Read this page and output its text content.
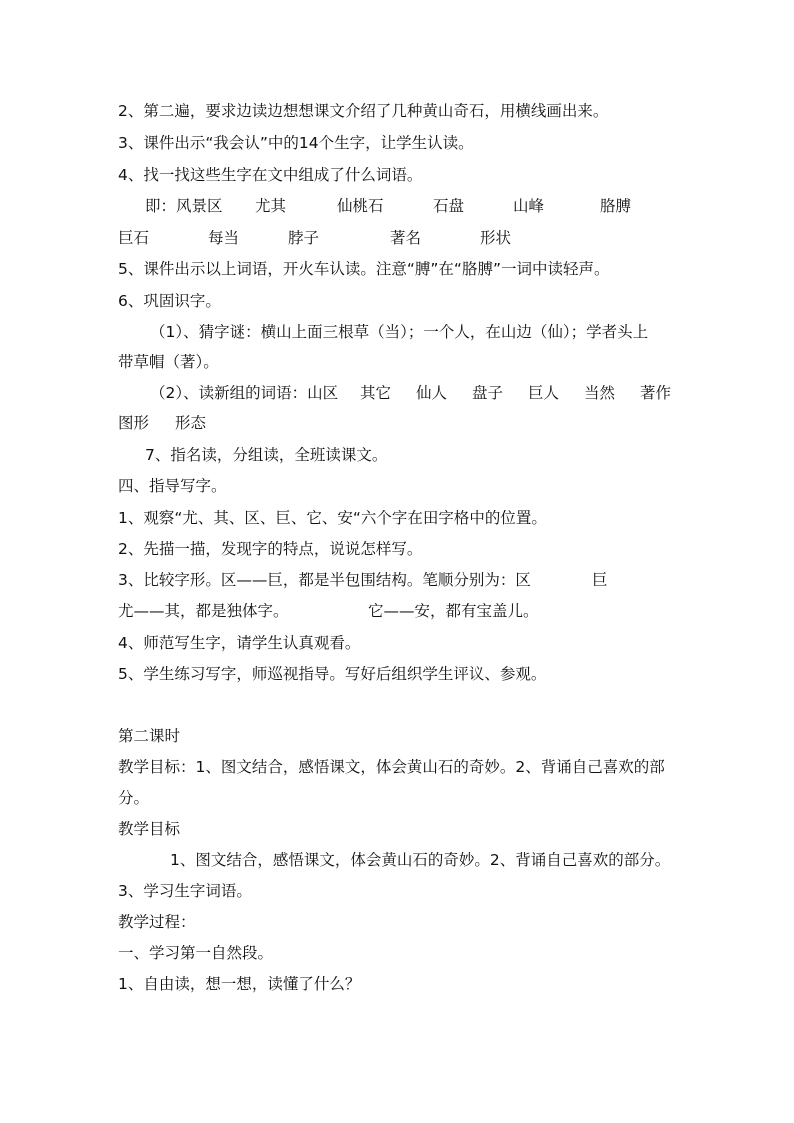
2、第二遍，要求边读边想想课文介绍了几种黄山奇石，用横线画出来。
3、课件出示“我会认”中的14个生字，让学生认读。
4、找一找这些生字在文中组成了什么词语。

即：风景区

尤其

	仙桃石

	石盘

	山峰

	胳膊

巨石

	每当

	脖子

	著名

	形状

5、课件出示以上词语，开火车认读。注意“膊”在“胳膊”一词中读轻声。
6、巩固识字。
（1）、猜字谜：横山上面三根草（当）；一个人，在山边（仙）；学者头上
带草帽（著）。

（2）、读新组的词语：山区

其它

仙人

盘子

巨人

当然

著作

图形

形态

7、指名读，分组读，全班读课文。
四、指导写字。
1、观察“尤、其、区、巨、它、安“六个字在田字格中的位置。
2、先描一描，发现字的特点，说说怎样写。

3、比较字形。区——巨，都是半包围结构。笔顺分别为：区

	巨

尤——其，都是独体字。

	它——安，都有宝盖儿。

4、师范写生字，请学生认真观看。
5、学生练习写字，师巡视指导。写好后组织学生评议、参观。
第二课时
教学目标：1、图文结合，感悟课文，体会黄山石的奇妙。2、背诵自己喜欢的部
分。
教学目标
1、图文结合，感悟课文，体会黄山石的奇妙。2、背诵自己喜欢的部分。
3、学习生字词语。
教学过程：
一、学习第一自然段。
1、自由读，想一想，读懂了什么？
